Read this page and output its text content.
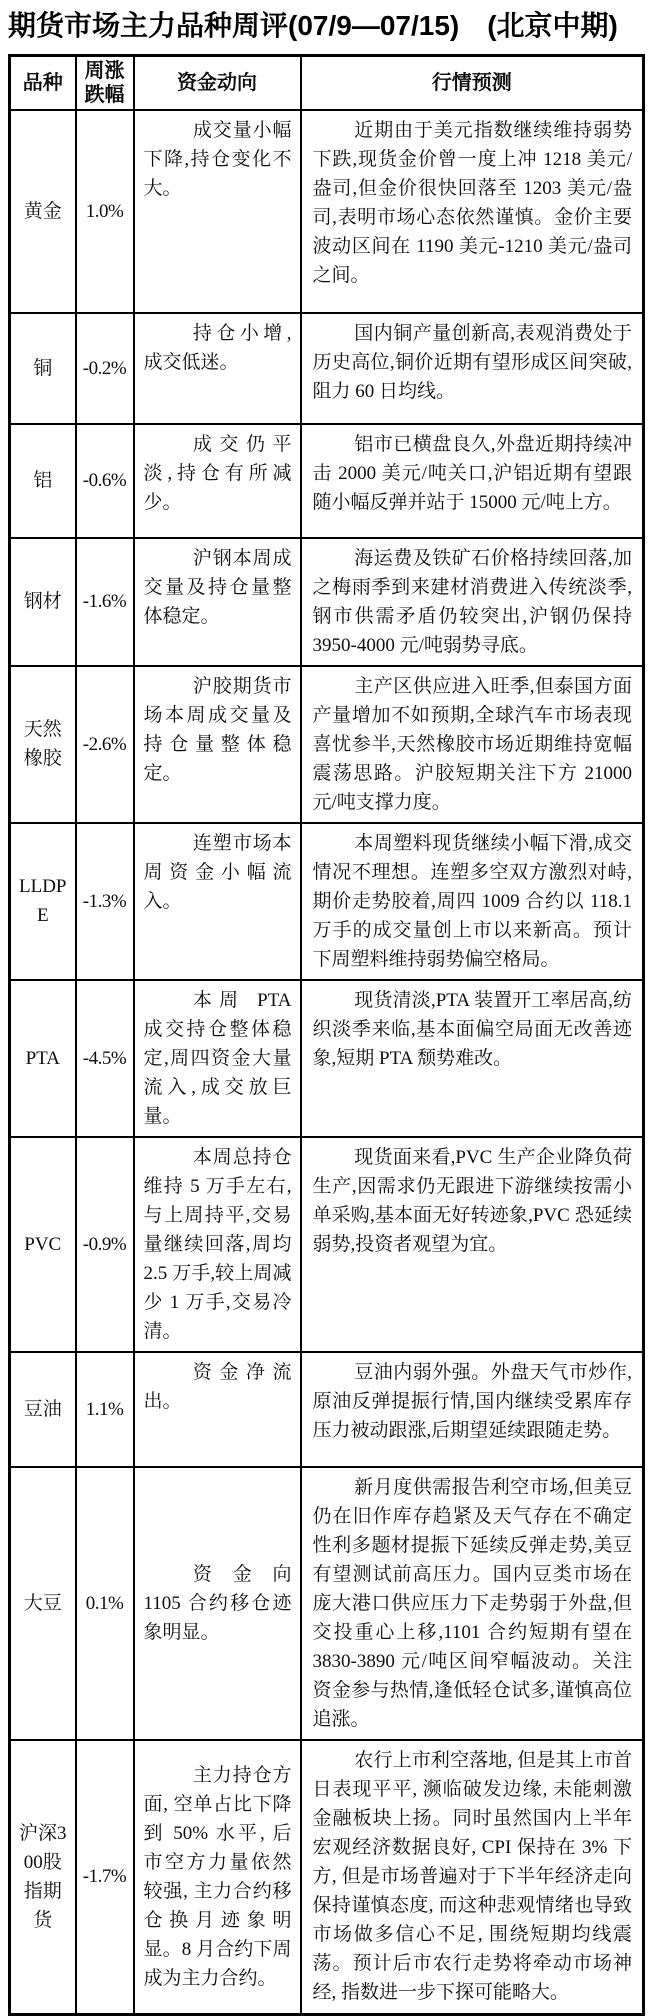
期货市场主力品种周评(07/9—07/15)　(北京中期)
品种	周涨跌幅	资金动向	行情预测
黄金	1.0%	成交量小幅下降,持仓变化不大。	近期由于美元指数继续维持弱势下跌,现货金价曾一度上冲 1218 美元/盎司,但金价很快回落至 1203 美元/盎司,表明市场心态依然谨慎。金价主要波动区间在 1190 美元-1210 美元/盎司之间。
铜	-0.2%	持仓小增,成交低迷。	国内铜产量创新高,表观消费处于历史高位,铜价近期有望形成区间突破,阻力 60 日均线。
铝	-0.6%	成交仍平淡,持仓有所减少。	铝市已横盘良久,外盘近期持续冲击 2000 美元/吨关口,沪铝近期有望跟随小幅反弹并站于 15000 元/吨上方。
钢材	-1.6%	沪钢本周成交量及持仓量整体稳定。	海运费及铁矿石价格持续回落,加之梅雨季到来建材消费进入传统淡季,钢市供需矛盾仍较突出,沪钢仍保持 3950-4000 元/吨弱势寻底。
天然橡胶	-2.6%	沪胶期货市场本周成交量及持仓量整体稳定。	主产区供应进入旺季,但泰国方面产量增加不如预期,全球汽车市场表现喜忧参半,天然橡胶市场近期维持宽幅震荡思路。沪胶短期关注下方 21000 元/吨支撑力度。
LLDPE	-1.3%	连塑市场本周资金小幅流入。	本周塑料现货继续小幅下滑,成交情况不理想。连塑多空双方激烈对峙,期价走势胶着,周四 1009 合约以 118.1 万手的成交量创上市以来新高。预计下周塑料维持弱势偏空格局。
PTA	-4.5%	本周 PTA 成交持仓整体稳定,周四资金大量流入,成交放巨量。	现货清淡,PTA 装置开工率居高,纺织淡季来临,基本面偏空局面无改善迹象,短期 PTA 颓势难改。
PVC	-0.9%	本周总持仓维持 5 万手左右,与上周持平,交易量继续回落,周均 2.5 万手,较上周减少 1 万手,交易冷清。	现货面来看,PVC 生产企业降负荷生产,因需求仍无跟进下游继续按需小单采购,基本面无好转迹象,PVC 恐延续弱势,投资者观望为宜。
豆油	1.1%	资金净流出。	豆油内弱外强。外盘天气市炒作,原油反弹提振行情,国内继续受累库存压力被动跟涨,后期望延续跟随走势。
大豆	0.1%	资金向 1105 合约移仓迹象明显。	新月度供需报告利空市场,但美豆仍在旧作库存趋紧及天气存在不确定性利多题材提振下延续反弹走势,美豆有望测试前高压力。国内豆类市场在庞大港口供应压力下走势弱于外盘,但交投重心上移,1101 合约短期有望在 3830-3890 元/吨区间窄幅波动。关注资金参与热情,逢低轻仓试多,谨慎高位追涨。
沪深300股指期货	-1.7%	主力持仓方面, 空单占比下降到 50% 水平, 后市空方力量依然较强, 主力合约移仓换月迹象明显。8 月合约下周成为主力合约。	农行上市利空落地, 但是其上市首日表现平平, 濒临破发边缘, 未能刺激金融板块上扬。同时虽然国内上半年宏观经济数据良好, CPI 保持在 3% 下方, 但是市场普遍对于下半年经济走向保持谨慎态度, 而这种悲观情绪也导致市场做多信心不足, 围绕短期均线震荡。预计后市农行走势将牵动市场神经, 指数进一步下探可能略大。
